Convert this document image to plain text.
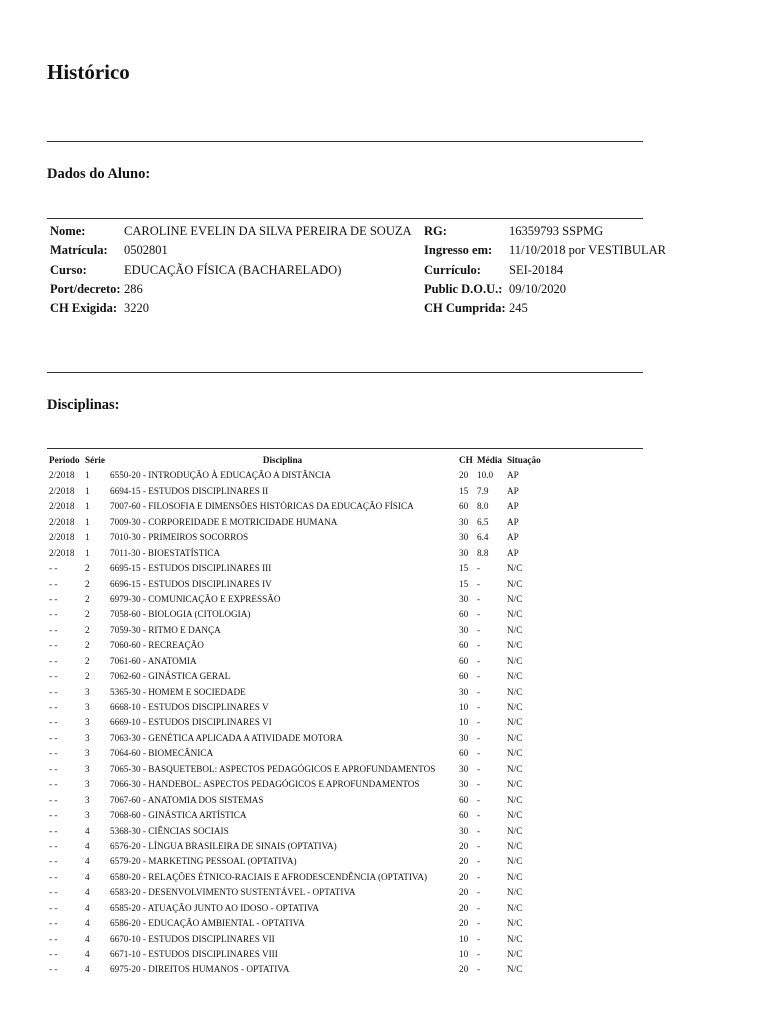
Histórico
Dados do Aluno:
Nome:	CAROLINE EVELIN DA SILVA PEREIRA DE SOUZA RG:	16359793 SSPMG
Matrícula: 0502801	Ingresso em: 11/10/2018 por VESTIBULAR
Curso:	EDUCAÇÃO FÍSICA (BACHARELADO)	Currículo: SEI-20184
Port/decreto: 286	Public D.O.U.: 09/10/2020
CH Exigida: 3220	CH Cumprida: 245
Disciplinas:
Período Série	Disciplina	CH Média Situação
2/2018 1 6550-20 - INTRODUÇÃO À EDUCAÇÃO A DISTÂNCIA	20 10.0 AP
2/2018 1 6694-15 - ESTUDOS DISCIPLINARES II	15 7.9 AP
2/2018 1 7007-60 - FILOSOFIA E DIMENSÕES HISTÓRICAS DA EDUCAÇÃO FÍSICA	60 8.0 AP
2/2018 1 7009-30 - CORPOREIDADE E MOTRICIDADE HUMANA	30 6.5 AP
2/2018 1 7010-30 - PRIMEIROS SOCORROS	30 6.4 AP
2/2018 1 7011-30 - BIOESTATÍSTICA	30 8.8 AP
- -	2 6695-15 - ESTUDOS DISCIPLINARES III	15 -	N/C
- -	2 6696-15 - ESTUDOS DISCIPLINARES IV	15 -	N/C
- -	2 6979-30 - COMUNICAÇÃO E EXPRESSÃO	30 -	N/C
- -	2 7058-60 - BIOLOGIA (CITOLOGIA)	60 -	N/C
- -	2 7059-30 - RITMO E DANÇA	30 -	N/C
- -	2 7060-60 - RECREAÇÃO	60 -	N/C
- -	2 7061-60 - ANATOMIA	60 -	N/C
- -	2 7062-60 - GINÁSTICA GERAL	60 -	N/C
- -	3 5365-30 - HOMEM E SOCIEDADE	30 -	N/C
- -	3 6668-10 - ESTUDOS DISCIPLINARES V	10 -	N/C
- -	3 6669-10 - ESTUDOS DISCIPLINARES VI	10 -	N/C
- -	3 7063-30 - GENÉTICA APLICADA A ATIVIDADE MOTORA	30 -	N/C
- -	3 7064-60 - BIOMECÂNICA	60 -	N/C
- -	3 7065-30 - BASQUETEBOL: ASPECTOS PEDAGÓGICOS E APROFUNDAMENTOS	30 -	N/C
- -	3 7066-30 - HANDEBOL: ASPECTOS PEDAGÓGICOS E APROFUNDAMENTOS	30 -	N/C
- -	3 7067-60 - ANATOMIA DOS SISTEMAS	60 -	N/C
- -	3 7068-60 - GINÁSTICA ARTÍSTICA	60 -	N/C
- -	4 5368-30 - CIÊNCIAS SOCIAIS	30 -	N/C
- -	4 6576-20 - LÍNGUA BRASILEIRA DE SINAIS (OPTATIVA)	20 -	N/C
- -	4 6579-20 - MARKETING PESSOAL (OPTATIVA)	20 -	N/C
- -	4 6580-20 - RELAÇÕES ÉTNICO-RACIAIS E AFRODESCENDÊNCIA (OPTATIVA)	20 -	N/C
- -	4 6583-20 - DESENVOLVIMENTO SUSTENTÁVEL - OPTATIVA	20 -	N/C
- -	4 6585-20 - ATUAÇÃO JUNTO AO IDOSO - OPTATIVA	20 -	N/C
- -	4 6586-20 - EDUCAÇÃO AMBIENTAL - OPTATIVA	20 -	N/C
- -	4 6670-10 - ESTUDOS DISCIPLINARES VII	10 -	N/C
- -	4 6671-10 - ESTUDOS DISCIPLINARES VIII	10 -	N/C
- -	4 6975-20 - DIREITOS HUMANOS - OPTATIVA	20 -	N/C
